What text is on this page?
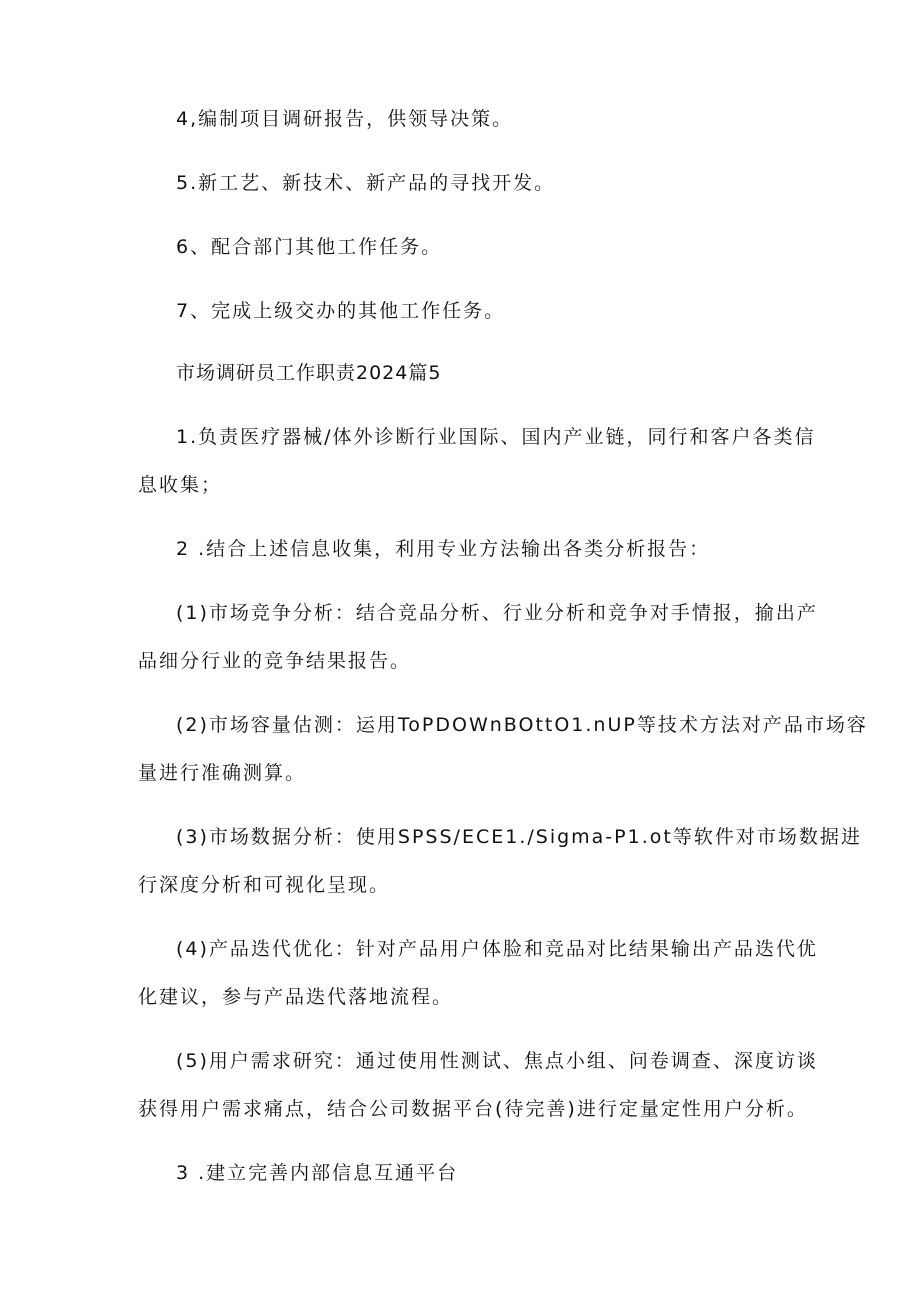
4,编制项目调研报告，供领导决策。
5.新工艺、新技术、新产品的寻找开发。
6、配合部门其他工作任务。
7、完成上级交办的其他工作任务。
市场调研员工作职责2024篇5
1.负责医疗器械/体外诊断行业国际、国内产业链，同行和客户各类信
息收集；
2 .结合上述信息收集，利用专业方法输出各类分析报告：
(1)市场竞争分析：结合竞品分析、行业分析和竞争对手情报，揄出产
品细分行业的竞争结果报告。
(2)市场容量估测：运用ToPDOWnBOttO1.nUP等技术方法对产品市场容
量进行准确测算。
(3)市场数据分析：使用SPSS/ECE1./Sigma-P1.ot等软件对市场数据进
行深度分析和可视化呈现。
(4)产品迭代优化：针对产品用户体脸和竞品对比结果输出产品迭代优
化建议，参与产品迭代落地流程。
(5)用户需求研究：通过使用性测试、焦点小组、问卷调查、深度访谈
获得用户需求痛点，结合公司数据平台(待完善)进行定量定性用户分析。
3 .建立完善内部信息互通平台
